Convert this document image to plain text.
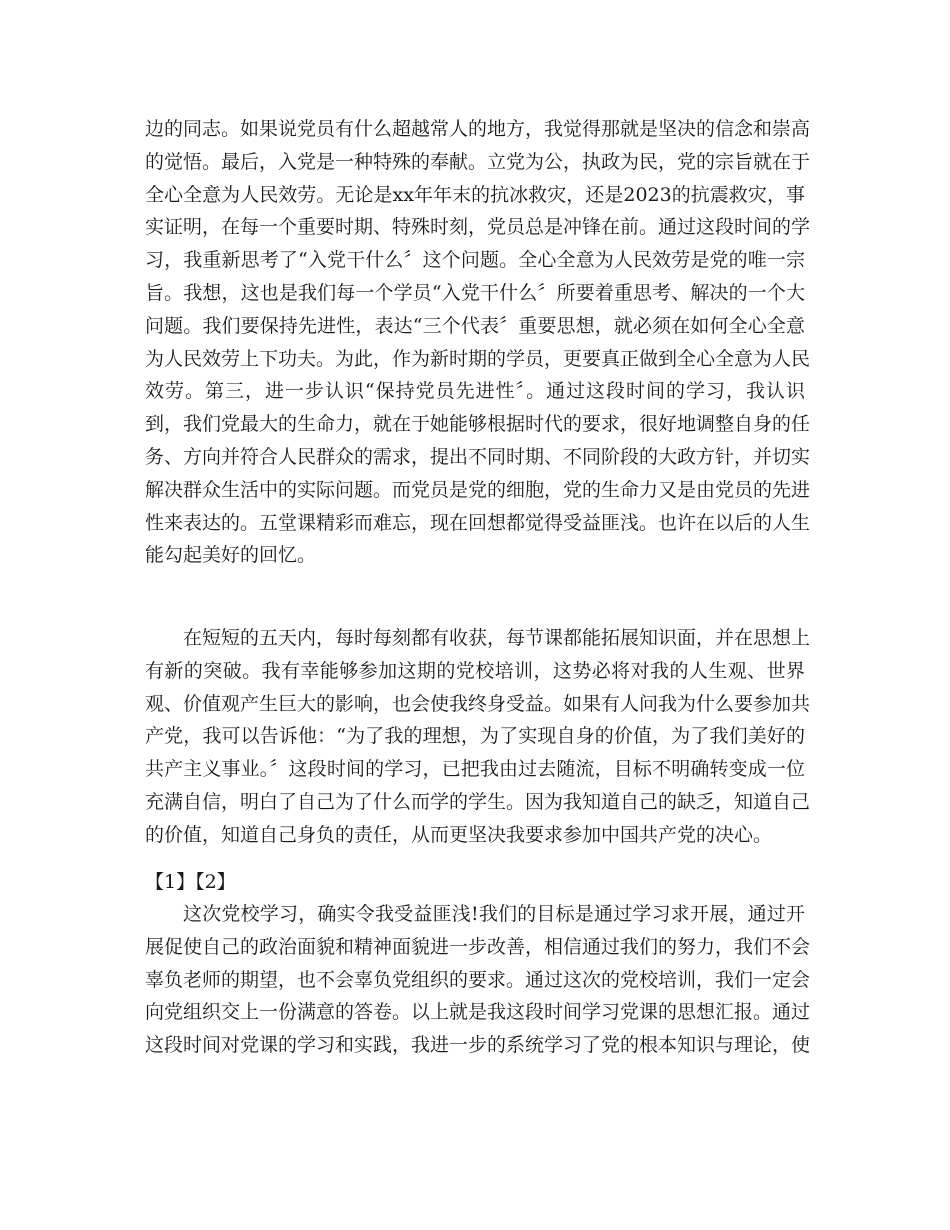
边的同志。如果说党员有什么超越常人的地方，我觉得那就是坚决的信念和崇高
的觉悟。最后，入党是一种特殊的奉献。立党为公，执政为民，党的宗旨就在于
全心全意为人民效劳。无论是xx年年末的抗冰救灾，还是2023的抗震救灾，事
实证明，在每一个重要时期、特殊时刻，党员总是冲锋在前。通过这段时间的学
习，我重新思考了“入党干什么〞这个问题。全心全意为人民效劳是党的唯一宗
旨。我想，这也是我们每一个学员“入党干什么〞所要着重思考、解决的一个大
问题。我们要保持先进性，表达“三个代表〞重要思想，就必须在如何全心全意
为人民效劳上下功夫。为此，作为新时期的学员，更要真正做到全心全意为人民
效劳。第三，进一步认识“保持党员先进性〞。通过这段时间的学习，我认识
到，我们党最大的生命力，就在于她能够根据时代的要求，很好地调整自身的任
务、方向并符合人民群众的需求，提出不同时期、不同阶段的大政方针，并切实
解决群众生活中的实际问题。而党员是党的细胞，党的生命力又是由党员的先进
性来表达的。五堂课精彩而难忘，现在回想都觉得受益匪浅。也许在以后的人生
能勾起美好的回忆。
在短短的五天内，每时每刻都有收获，每节课都能拓展知识面，并在思想上
有新的突破。我有幸能够参加这期的党校培训，这势必将对我的人生观、世界
观、价值观产生巨大的影响，也会使我终身受益。如果有人问我为什么要参加共
产党，我可以告诉他：“为了我的理想，为了实现自身的价值，为了我们美好的
共产主义事业。〞这段时间的学习，已把我由过去随流，目标不明确转变成一位
充满自信，明白了自己为了什么而学的学生。因为我知道自己的缺乏，知道自己
的价值，知道自己身负的责任，从而更坚决我要求参加中国共产党的决心。
【1】【2】
这次党校学习，确实令我受益匪浅!我们的目标是通过学习求开展，通过开
展促使自己的政治面貌和精神面貌进一步改善，相信通过我们的努力，我们不会
辜负老师的期望，也不会辜负党组织的要求。通过这次的党校培训，我们一定会
向党组织交上一份满意的答卷。以上就是我这段时间学习党课的思想汇报。通过
这段时间对党课的学习和实践，我进一步的系统学习了党的根本知识与理论，使
